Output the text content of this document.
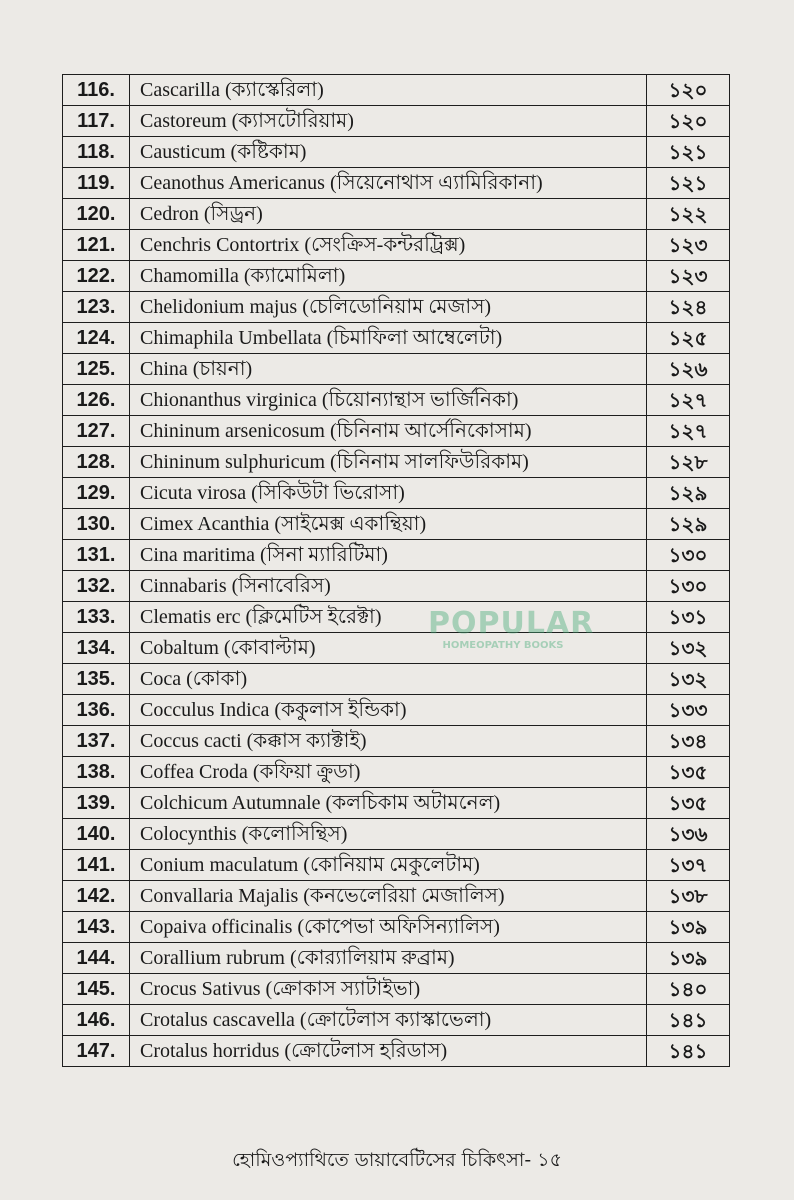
116.	Cascarilla (ক্যাস্কেরিলা)	১২০
117.	Castoreum (ক্যাসটোরিয়াম)	১২০
118.	Causticum (কষ্টিকাম)	১২১
119.	Ceanothus Americanus (সিয়েনোথাস এ্যামিরিকানা)	১২১
120.	Cedron (সিড্রন)	১২২
121.	Cenchris Contortrix (সেংক্রিস-কন্টরট্রিক্স)	১২৩
122.	Chamomilla (ক্যামোমিলা)	১২৩
123.	Chelidonium majus (চেলিডোনিয়াম মেজাস)	১২৪
124.	Chimaphila Umbellata (চিমাফিলা আম্বেলেটা)	১২৫
125.	China (চায়না)	১২৬
126.	Chionanthus virginica (চিয়োন্যান্থাস ভার্জিনিকা)	১২৭
127.	Chininum arsenicosum (চিনিনাম আর্সেনিকোসাম)	১২৭
128.	Chininum sulphuricum (চিনিনাম সালফিউরিকাম)	১২৮
129.	Cicuta virosa (সিকিউটা ভিরোসা)	১২৯
130.	Cimex Acanthia (সাইমেক্স একান্থিয়া)	১২৯
131.	Cina maritima (সিনা ম্যারিটিমা)	১৩০
132.	Cinnabaris (সিনাবেরিস)	১৩০
133.	Clematis erc (ক্লিমেটিস ইরেক্টা)	১৩১
134.	Cobaltum (কোবাল্টাম)	১৩২
135.	Coca (কোকা)	১৩২
136.	Cocculus Indica (ককুলাস ইন্ডিকা)	১৩৩
137.	Coccus cacti (কক্কাস ক্যাক্টাই)	১৩৪
138.	Coffea Croda (কফিয়া ক্রুডা)	১৩৫
139.	Colchicum Autumnale (কলচিকাম অটামনেল)	১৩৫
140.	Colocynthis (কলোসিন্থিস)	১৩৬
141.	Conium maculatum (কোনিয়াম মেকুলেটাম)	১৩৭
142.	Convallaria Majalis (কনভেলেরিয়া মেজালিস)	১৩৮
143.	Copaiva officinalis (কোপেভা অফিসিন্যালিস)	১৩৯
144.	Corallium rubrum (কোর‍্যালিয়াম রুব্রাম)	১৩৯
145.	Crocus Sativus (ক্রোকাস স্যাটাইভা)	১৪০
146.	Crotalus cascavella (ক্রোটেলাস ক্যাস্কাভেলা)	১৪১
147.	Crotalus horridus (ক্রোটেলাস হরিডাস)	১৪১
POPULAR
HOMEOPATHY BOOKS
হোমিওপ্যাথিতে ডায়াবেটিসের চিকিৎসা- ১৫
